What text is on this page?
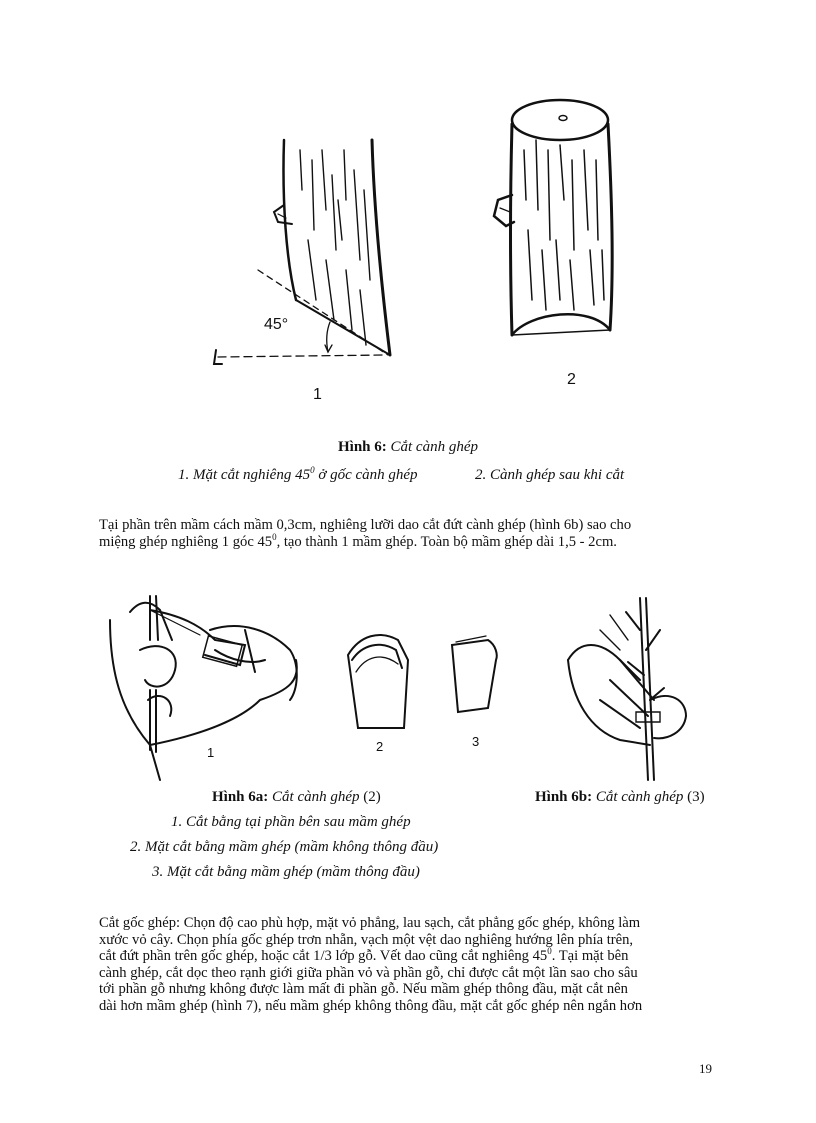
45°
1
2
Hình 6: Cắt cành ghép
1. Mặt cắt nghiêng $45^0$ ở gốc cành ghép	2. Cành ghép sau khi cắt
Tại phần trên mầm cách mầm 0,3cm, nghiêng lưỡi dao cắt đứt cành ghép (hình 6b) sao cho
miệng ghép nghiêng 1 góc $45^0$, tạo thành 1 mầm ghép. Toàn bộ mầm ghép dài 1,5 - 2cm.
1	2	3
Hình 6a: Cắt cành ghép (2)	Hình 6b: Cắt cành ghép (3)
1. Cắt bằng tại phần bên sau mầm ghép
2. Mặt cắt bằng mầm ghép (mầm không thông đầu)
3. Mặt cắt bằng mầm ghép (mầm thông đầu)
Cắt gốc ghép: Chọn độ cao phù hợp, mặt vỏ phẳng, lau sạch, cắt phẳng gốc ghép, không làm
xước vỏ cây. Chọn phía gốc ghép trơn nhẵn, vạch một vệt dao nghiêng hướng lên phía trên,
cắt đứt phần trên gốc ghép, hoặc cắt 1/3 lớp gỗ. Vết dao cũng cắt nghiêng $45^0$. Tại mặt bên
cành ghép, cắt dọc theo rạnh giới giữa phần vỏ và phần gỗ, chỉ được cắt một lần sao cho sâu
tới phần gỗ nhưng không được làm mất đi phần gỗ. Nếu mầm ghép thông đầu, mặt cắt nên
dài hơn mầm ghép (hình 7), nếu mầm ghép không thông đầu, mặt cắt gốc ghép nên ngắn hơn
19
